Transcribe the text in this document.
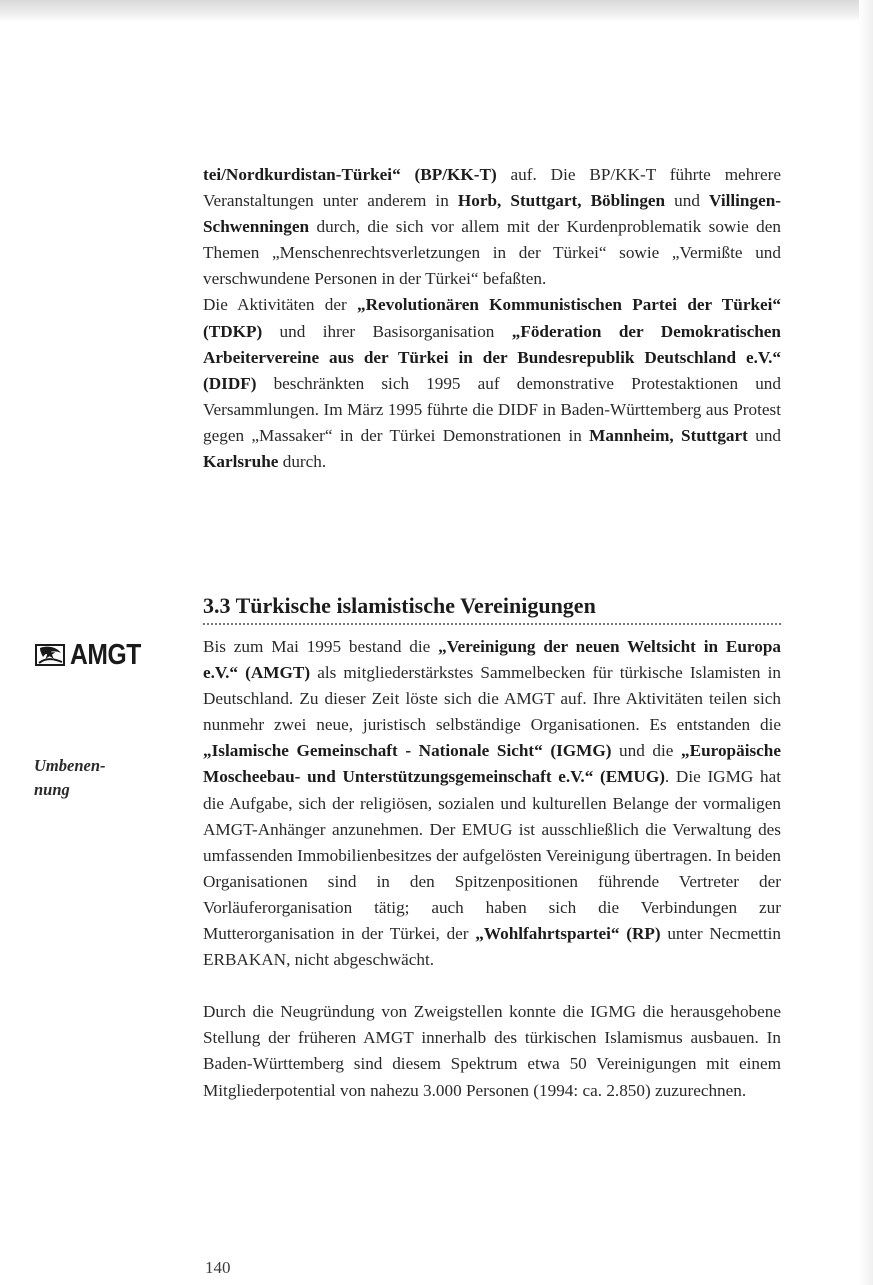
tei/Nordkurdistan-Türkei“ (BP/KK-T) auf. Die BP/KK-T führte mehrere Veranstaltungen unter anderem in Horb, Stuttgart, Böblingen und Villingen-Schwenningen durch, die sich vor allem mit der Kurdenproblematik sowie den Themen „Menschenrechtsverletzungen in der Türkei“ sowie „Vermißte und verschwundene Personen in der Türkei“ befaßten.

Die Aktivitäten der „Revolutionären Kommunistischen Partei der Türkei“ (TDKP) und ihrer Basisorganisation „Föderation der Demokratischen Arbeitervereine aus der Türkei in der Bundesrepublik Deutschland e.V.“ (DIDF) beschränkten sich 1995 auf demonstrative Protestaktionen und Versammlungen. Im März 1995 führte die DIDF in Baden-Württemberg aus Protest gegen „Massaker“ in der Türkei Demonstrationen in Mannheim, Stuttgart und Karlsruhe durch.

3.3 Türkische islamistische Vereinigungen

Bis zum Mai 1995 bestand die „Vereinigung der neuen Weltsicht in Europa e.V.“ (AMGT) als mitgliederstärkstes Sammelbecken für türkische Islamisten in Deutschland. Zu dieser Zeit löste sich die AMGT auf. Ihre Aktivitäten teilen sich nunmehr zwei neue, juristisch selbständige Organisationen. Es entstanden die „Islamische Gemeinschaft - Nationale Sicht“ (IGMG) und die „Europäische Moscheebau- und Unterstützungsgemeinschaft e.V.“ (EMUG). Die IGMG hat die Aufgabe, sich der religiösen, sozialen und kulturellen Belange der vormaligen AMGT-Anhänger anzunehmen. Der EMUG ist ausschließlich die Verwaltung des umfassenden Immobilienbesitzes der aufgelösten Vereinigung übertragen. In beiden Organisationen sind in den Spitzenpositionen führende Vertreter der Vorläuferorganisation tätig; auch haben sich die Verbindungen zur Mutterorganisation in der Türkei, der „Wohlfahrtspartei“ (RP) unter Necmettin ERBAKAN, nicht abgeschwächt.

Durch die Neugründung von Zweigstellen konnte die IGMG die herausgehobene Stellung der früheren AMGT innerhalb des türkischen Islamismus ausbauen. In Baden-Württemberg sind diesem Spektrum etwa 50 Vereinigungen mit einem Mitgliederpotential von nahezu 3.000 Personen (1994: ca. 2.850) zuzurechnen.

AMGT
Umbenen-
nung
140
